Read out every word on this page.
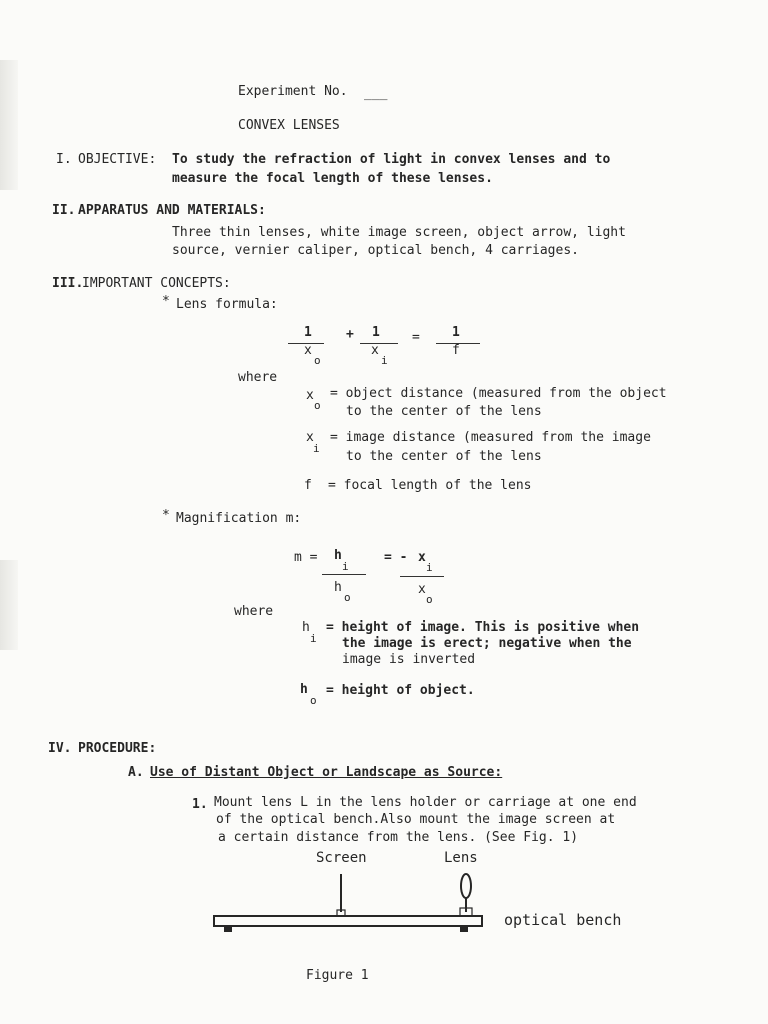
Experiment No. ___
CONVEX LENSES
I. OBJECTIVE: To study the refraction of light in convex lenses and to
measure the focal length of these lenses.
II. APPARATUS AND MATERIALS:
Three thin lenses, white image screen, object arrow, light
source, vernier caliper, optical bench, 4 carriages.
III.
IMPORTANT CONCEPTS:
* Lens formula:
1
x
o
+ 1
x
i
= 1
f
where
x
o
= object distance (measured from the object
to the center of the lens
x
i
= image distance (measured from the image
to the center of the lens
f = focal length of the lens
* Magnification m:
m = h
i
h
o
= - x
i
x
o
where
h
i
= height of image. This is positive when
the image is erect; negative when the
image is inverted
h
o
= height of object.
IV. PROCEDURE:
A. Use of Distant Object or Landscape as Source:
1. Mount lens L in the lens holder or carriage at one end
of the optical bench.Also mount the image screen at
a certain distance from the lens. (See Fig. 1)
Screen	Lens
optical bench
Figure 1
